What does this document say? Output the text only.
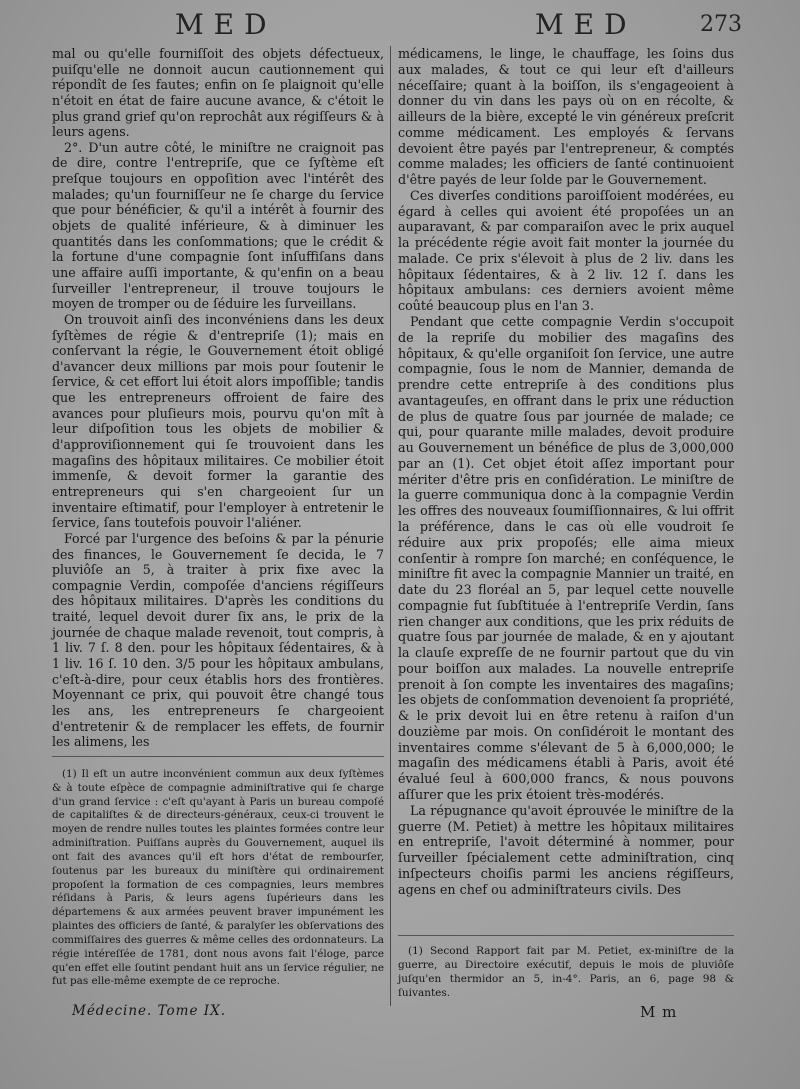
MED	MED	273

mal ou qu'elle fourniſſoit des objets défectueux, puiſqu'elle ne donnoit aucun cautionnement qui répondît de ſes fautes; enfin on ſe plaignoit qu'elle n'étoit en état de faire aucune avance, & c'étoit le plus grand grief qu'on reprochât aux régiſſeurs & à leurs agens.

2°. D'un autre côté, le miniſtre ne craignoit pas de dire, contre l'entrepriſe, que ce ſyſtème eſt preſque toujours en oppoſition avec l'intérêt des malades; qu'un fourniſſeur ne ſe charge du ſervice que pour bénéficier, & qu'il a intérêt à fournir des objets de qualité inférieure, & à diminuer les quantités dans les conſommations; que le crédit & la fortune d'une compagnie ſont inſuffiſans dans une affaire auſſi importante, & qu'enfin on a beau ſurveiller l'entrepreneur, il trouve toujours le moyen de tromper ou de ſéduire les ſurveillans.

On trouvoit ainſi des inconvéniens dans les deux ſyſtèmes de régie & d'entrepriſe (1); mais en conſervant la régie, le Gouvernement étoit obligé d'avancer deux millions par mois pour ſoutenir le ſervice, & cet effort lui étoit alors impoſſible; tandis que les entrepreneurs offroient de faire des avances pour pluſieurs mois, pourvu qu'on mît à leur diſpoſition tous les objets de mobilier & d'approviſionnement qui ſe trouvoient dans les magaſins des hôpitaux militaires. Ce mobilier étoit immenſe, & devoit former la garantie des entrepreneurs qui s'en chargeoient ſur un inventaire eſtimatif, pour l'employer à entretenir le ſervice, ſans toutefois pouvoir l'aliéner.

Forcé par l'urgence des beſoins & par la pénurie des finances, le Gouvernement ſe decida, le 7 pluviôſe an 5, à traiter à prix fixe avec la compagnie Verdin, compoſée d'anciens régiſſeurs des hôpitaux militaires. D'après les conditions du traité, lequel devoit durer ſix ans, le prix de la journée de chaque malade revenoit, tout compris, à 1 liv. 7 ſ. 8 den. pour les hôpitaux ſédentaires, & à 1 liv. 16 ſ. 10 den. 3/5 pour les hôpitaux ambulans, c'eſt-à-dire, pour ceux établis hors des frontières. Moyennant ce prix, qui pouvoit être changé tous les ans, les entrepreneurs ſe chargeoient d'entretenir & de remplacer les effets, de fournir les alimens, les

(1) Il eſt un autre inconvénient commun aux deux ſyſtèmes & à toute eſpèce de compagnie adminiſtrative qui ſe charge d'un grand ſervice : c'eſt qu'ayant à Paris un bureau compoſé de capitaliſtes & de directeurs-généraux, ceux-ci trouvent le moyen de rendre nulles toutes les plaintes formées contre leur adminiſtration. Puiſſans auprès du Gouvernement, auquel ils ont fait des avances qu'il eſt hors d'état de rembourſer, ſoutenus par les bureaux du miniſtère qui ordinairement propoſent la formation de ces compagnies, leurs membres réſidans à Paris, & leurs agens ſupérieurs dans les départemens & aux armées peuvent braver impunément les plaintes des officiers de ſanté, & paralyſer les obſervations des commiſſaires des guerres & même celles des ordonnateurs. La régie intéreſſée de 1781, dont nous avons fait l'éloge, parce qu'en effet elle ſoutint pendant huit ans un ſervice régulier, ne fut pas elle-même exempte de ce reproche.

médicamens, le linge, le chauffage, les ſoins dus aux malades, & tout ce qui leur eſt d'ailleurs néceſſaire; quant à la boiſſon, ils s'engageoient à donner du vin dans les pays où on en récolte, & ailleurs de la bière, excepté le vin généreux preſcrit comme médicament. Les employés & ſervans devoient être payés par l'entrepreneur, & comptés comme malades; les officiers de ſanté continuoient d'être payés de leur ſolde par le Gouvernement.

Ces diverſes conditions paroiſſoient modérées, eu égard à celles qui avoient été propoſées un an auparavant, & par comparaiſon avec le prix auquel la précédente régie avoit fait monter la journée du malade. Ce prix s'élevoit à plus de 2 liv. dans les hôpitaux ſédentaires, & à 2 liv. 12 ſ. dans les hôpitaux ambulans: ces derniers avoient même coûté beaucoup plus en l'an 3.

Pendant que cette compagnie Verdin s'occupoit de la repriſe du mobilier des magaſins des hôpitaux, & qu'elle organiſoit ſon ſervice, une autre compagnie, ſous le nom de Mannier, demanda de prendre cette entrepriſe à des conditions plus avantageuſes, en offrant dans le prix une réduction de plus de quatre ſous par journée de malade; ce qui, pour quarante mille malades, devoit produire au Gouvernement un bénéfice de plus de 3,000,000 par an (1). Cet objet étoit aſſez important pour mériter d'être pris en conſidération. Le miniſtre de la guerre communiqua donc à la compagnie Verdin les offres des nouveaux ſoumiſſionnaires, & lui offrit la préférence, dans le cas où elle voudroit ſe réduire aux prix propoſés; elle aima mieux conſentir à rompre ſon marché; en conſéquence, le miniſtre fit avec la compagnie Mannier un traité, en date du 23 floréal an 5, par lequel cette nouvelle compagnie fut ſubſtituée à l'entrepriſe Verdin, ſans rien changer aux conditions, que les prix réduits de quatre ſous par journée de malade, & en y ajoutant la clauſe expreſſe de ne fournir partout que du vin pour boiſſon aux malades. La nouvelle entrepriſe prenoit à ſon compte les inventaires des magaſins; les objets de conſommation devenoient ſa propriété, & le prix devoit lui en être retenu à raiſon d'un douzième par mois. On conſidéroit le montant des inventaires comme s'élevant de 5 à 6,000,000; le magaſin des médicamens établi à Paris, avoit été évalué ſeul à 600,000 francs, & nous pouvons aſſurer que les prix étoient très-modérés.

La répugnance qu'avoit éprouvée le miniſtre de la guerre (M. Petiet) à mettre les hôpitaux militaires en entrepriſe, l'avoit déterminé à nommer, pour ſurveiller ſpécialement cette adminiſtration, cinq inſpecteurs choiſis parmi les anciens régiſſeurs, agens en chef ou adminiſtrateurs civils. Des

(1) Second Rapport fait par M. Petiet, ex-miniſtre de la guerre, au Directoire exécutif, depuis le mois de pluviôſe juſqu'en thermidor an 5, in-4°. Paris, an 6, page 98 & ſuivantes.

Médecine. Tome IX.	M m
